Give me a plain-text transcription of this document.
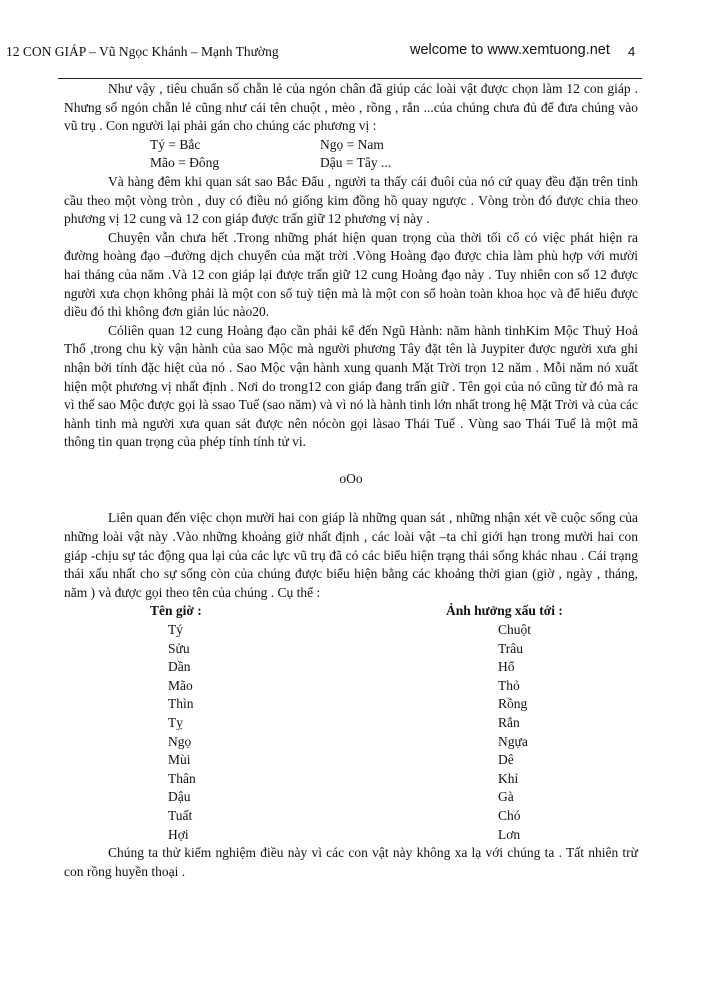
12 CON GIÁP – Vũ Ngọc Khánh – Mạnh Thường	welcome to www.xemtuong.net 4

Như vậy , tiêu chuẩn số chẵn lẻ của ngón chân đã giúp các loài vật được chọn làm 12 con giáp . Nhưng số ngón chẵn lẻ cũng như cái tên chuột , mèo , rồng , rắn ...của chúng chưa đủ để đưa chúng vào vũ trụ . Con người lại phải gán cho chúng các phương vị :

Tý = Bắc	Ngọ = Nam
Mão = Đông	Dậu = Tây ...

Và hàng đêm khi quan sát sao Bắc Đẩu , người ta thấy cái đuôi của nó cứ quay đều đặn trên tinh cầu theo một vòng tròn , duy có điều nó giống kim đồng hồ quay ngược . Vòng tròn đó được chia theo phương vị 12 cung và 12 con giáp được trấn giữ 12 phương vị này .

Chuyện vẫn chưa hết .Trong những phát hiện quan trọng của thời tối cổ có việc phát hiện ra đường hoàng đạo –đường dịch chuyển của mặt trời .Vòng Hoàng đạo được chia làm phù hợp với mười hai tháng của năm .Và 12 con giáp lại được trấn giữ 12 cung Hoàng đạo này . Tuy nhiên con số 12 được người xưa chọn không phải là một con số tuỳ tiện mà là một con số hoàn toàn khoa học và để hiểu được diều đó thì không đơn giản lúc nào20.

Cóliên quan 12 cung Hoàng đạo cần phải kể đến Ngũ Hành: năm hành tinhKim Mộc Thuỷ Hoả Thổ ,trong chu kỳ vận hành của sao Mộc mà người phương Tây đặt tên là Juypiter được người xưa ghi nhận bởi tính đặc hiệt của nó . Sao Mộc vận hành xung quanh Mặt Trời trọn 12 năm . Mỗi năm nó xuất hiện một phương vị nhất định . Nơi do trong12 con giáp đang trấn giữ . Tên gọi của nó cũng từ đó mà ra vì thế sao Mộc được gọi là ssao Tuế (sao năm) và vì nó là hành tinh lớn nhất trong hệ Mặt Trời và của các hành tinh mà người xưa quan sát được nên nócòn gọi làsao Thái Tuế . Vùng sao Thái Tuế là một mã thông tin quan trọng của phép tính tính tử vi.

oOo

Liên quan đến việc chọn mười hai con giáp là những quan sát , những nhận xét về cuộc sống của những loài vật này .Vào những khoảng giờ nhất định , các loài vật –ta chỉ giới hạn trong mười hai con giáp -chịu sự tác động qua lại của các lực vũ trụ đã có các biểu hiện trạng thái sống khác nhau . Cái trạng thái xấu nhất cho sự sống còn của chúng được biểu hiện bằng các khoảng thời gian (giờ , ngày , tháng, năm ) và được gọi theo tên của chúng . Cụ thể :

Tên giờ :	Ảnh hưởng xấu tới :
Tý	Chuột
Sửu	Trâu
Dần	Hổ
Mão	Thỏ
Thìn	Rồng
Tỵ	Rắn
Ngọ	Ngựa
Mùi	Dê
Thân	Khỉ
Dậu	Gà
Tuất	Chó
Hợi	Lơn

Chúng ta thử kiểm nghiệm điều này vì các con vật này không xa lạ với chúng ta . Tất nhiên trừ con rồng huyền thoại .
